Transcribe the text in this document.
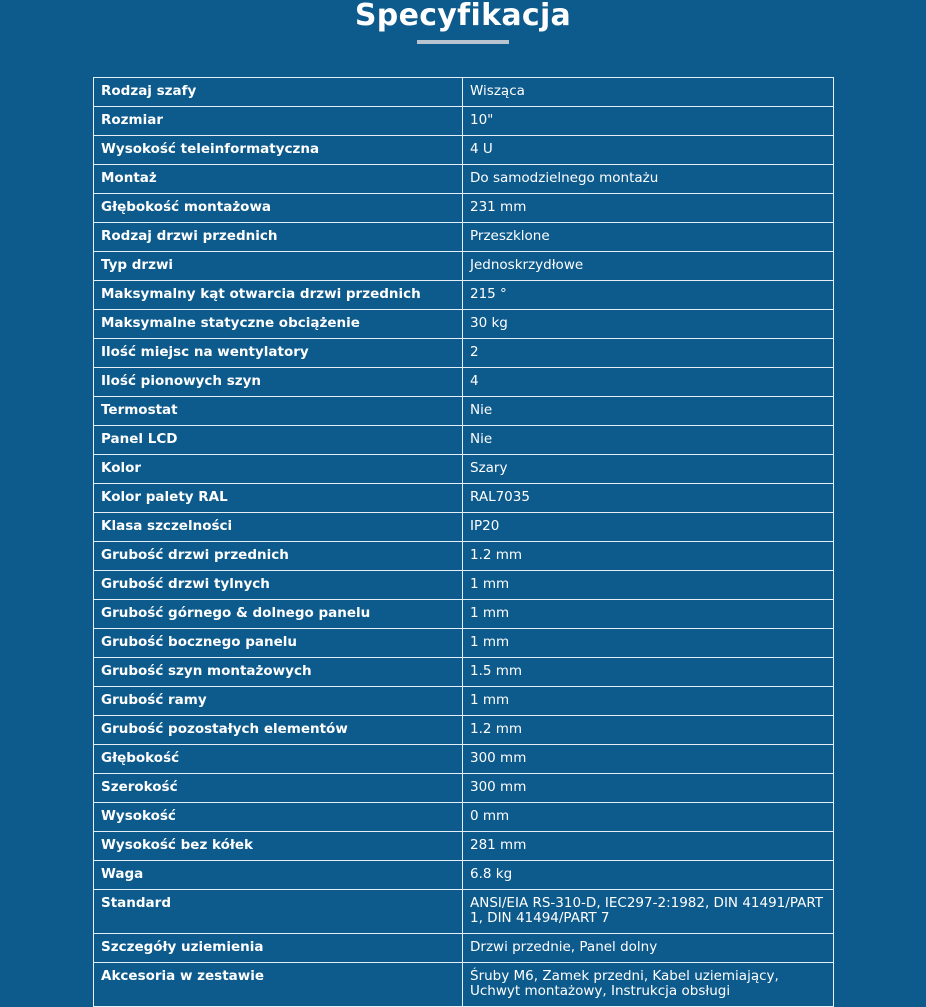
Specyfikacja
Rodzaj szafy	Wisząca
Rozmiar	10"
Wysokość teleinformatyczna	4 U
Montaż	Do samodzielnego montażu
Głębokość montażowa	231 mm
Rodzaj drzwi przednich	Przeszklone
Typ drzwi	Jednoskrzydłowe
Maksymalny kąt otwarcia drzwi przednich	215 °
Maksymalne statyczne obciążenie	30 kg
Ilość miejsc na wentylatory	2
Ilość pionowych szyn	4
Termostat	Nie
Panel LCD	Nie
Kolor	Szary
Kolor palety RAL	RAL7035
Klasa szczelności	IP20
Grubość drzwi przednich	1.2 mm
Grubość drzwi tylnych	1 mm
Grubość górnego & dolnego panelu	1 mm
Grubość bocznego panelu	1 mm
Grubość szyn montażowych	1.5 mm
Grubość ramy	1 mm
Grubość pozostałych elementów	1.2 mm
Głębokość	300 mm
Szerokość	300 mm
Wysokość	0 mm
Wysokość bez kółek	281 mm
Waga	6.8 kg
Standard	ANSI/EIA RS-310-D, IEC297-2:1982, DIN 41491/PART 1, DIN 41494/PART 7
Szczegóły uziemienia	Drzwi przednie, Panel dolny
Akcesoria w zestawie	Śruby M6, Zamek przedni, Kabel uziemiający, Uchwyt montażowy, Instrukcja obsługi
